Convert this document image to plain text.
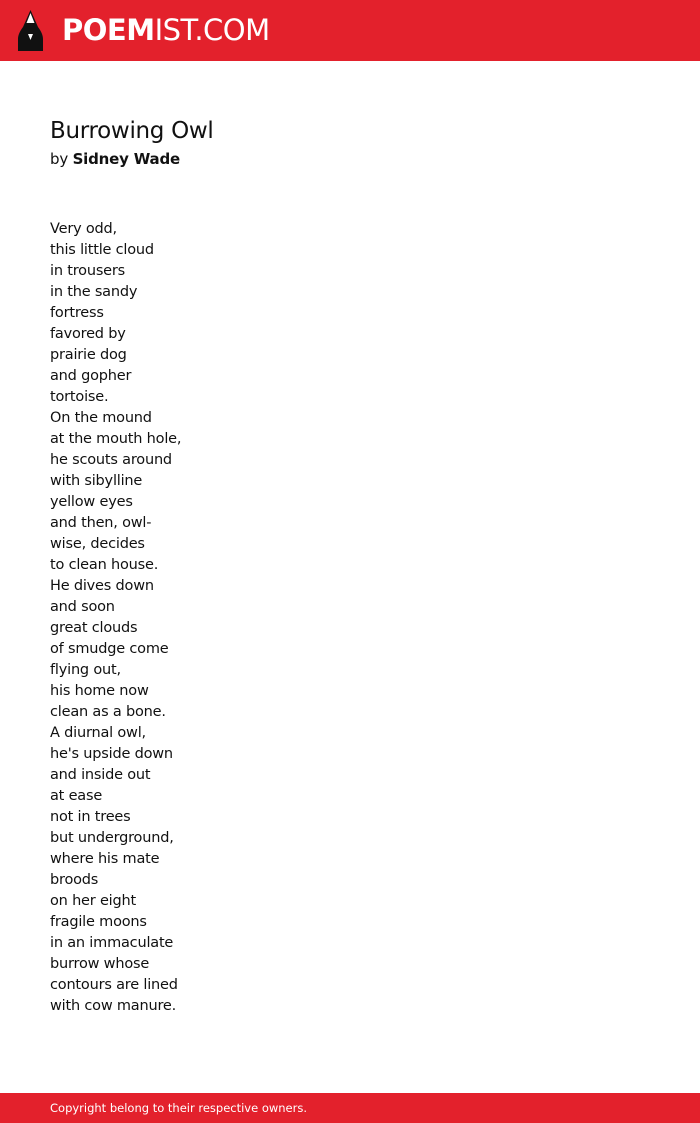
POEMIST.COM
Burrowing Owl
by Sidney Wade
Very odd,
this little cloud
in trousers
in the sandy
fortress
favored by
prairie dog
and gopher
tortoise.
On the mound
at the mouth hole,
he scouts around
with sibylline
yellow eyes
and then, owl-
wise, decides
to clean house.
He dives down
and soon
great clouds
of smudge come
flying out,
his home now
clean as a bone.
A diurnal owl,
he's upside down
and inside out
at ease
not in trees
but underground,
where his mate
broods
on her eight
fragile moons
in an immaculate
burrow whose
contours are lined
with cow manure.
Copyright belong to their respective owners.
